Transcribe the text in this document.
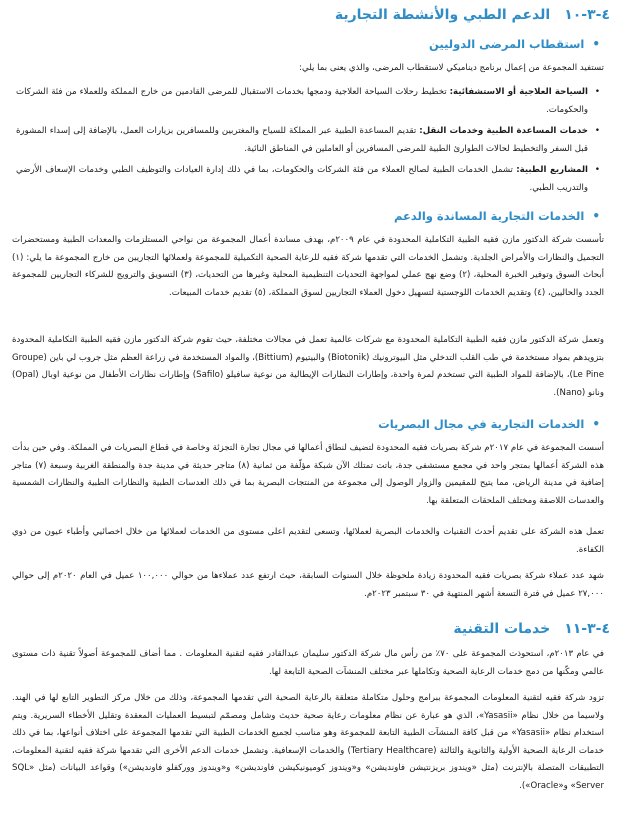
٤-٣-١٠الدعم الطبي والأنشطة التجارية
•استقطاب المرضى الدوليين
تستفيد المجموعة من إعمال برنامج ديناميكي لاستقطاب المرضى، والذي يعنى بما يلي:
•
السياحة العلاجية أو الاستشفائية: تخطيط رحلات السياحة العلاجية ودمجها بخدمات الاستقبال للمرضى القادمين من خارج المملكة وللعملاء من فئة الشركات والحكومات.
•
خدمات المساعدة الطبية وخدمات النقل: تقديم المساعدة الطبية عبر المملكة للسياح والمغتربين وللمسافرين بزيارات العمل، بالإضافة إلى إسداء المشورة قبل السفر والتخطيط لحالات الطوارئ الطبية للمرضى المسافرين أو العاملين في المناطق النائية.
•
المشاريع الطبية: تشمل الخدمات الطبية لصالح العملاء من فئة الشركات والحكومات، بما في ذلك إدارة العيادات والتوظيف الطبي وخدمات الإسعاف الأرضي والتدريب الطبي.
•الخدمات التجارية المساندة والدعم
تأسست شركة الدكتور مازن فقيه الطبية التكاملية المحدودة في عام ٢٠٠٩م، بهدف مساندة أعمال المجموعة من نواحي المستلزمات والمعدات الطبية ومستحضرات التجميل والنظارات والأمراض الجلدية. وتشمل الخدمات التي تقدمها شركة فقيه للرعاية الصحية التكميلية للمجموعة ولعملائها التجاريين من خارج المجموعة ما يلي: (١) أبحاث السوق وتوفير الخبرة المحلية، (٢) وضع نهج عملي لمواجهة التحديات التنظيمية المحلية وغيرها من التحديات، (٣) التسويق والترويج للشركاء التجاريين للمجموعة الجدد والحاليين، (٤) وتقديم الخدمات اللوجستية لتسهيل دخول العملاء التجاريين لسوق المملكة، (٥) تقديم خدمات المبيعات.
وتعمل شركة الدكتور مازن فقيه الطبية التكاملية المحدودة مع شركات عالمية تعمل في مجالات مختلفة، حيث تقوم شركة الدكتور مازن فقيه الطبية التكاملية المحدودة بتزويدهم بمواد مستخدمة في طب القلب التدخلي مثل البيوترونيك (Biotonik) والبيتيوم (Bittium)، والمواد المستخدمة في زراعة العظم مثل جروب لي باين (Groupe Le Pine)، بالإضافة للمواد الطبية التي تستخدم لمرة واحدة، وإطارات النظارات الإيطالية من نوعية سافيلو (Safilo) وإطارات نظارات الأطفال من نوعية اوبال (Opal) ونانو (Nano).
•الخدمات التجارية في مجال البصريات
أسست المجموعة في عام ٢٠١٧م شركة بصريات فقيه المحدودة لتضيف لنطاق أعمالها في مجال تجارة التجزئة وخاصة في قطاع البصريات في المملكة. وفي حين بدأت هذه الشركة أعمالها بمتجر واحد في مجمع مستشفى جدة، باتت تمتلك الآن شبكة مؤلّفة من ثمانية (٨) متاجر حديثة في مدينة جدة والمنطقة الغربية وسبعة (٧) متاجر إضافية في مدينة الرياض، مما يتيح للمقيمين والزوار الوصول إلى مجموعة من المنتجات البصرية بما في ذلك العدسات الطبية والنظارات الطبية والنظارات الشمسية والعدسات اللاصقة ومختلف الملحقات المتعلقة بها.
تعمل هذه الشركة على تقديم أحدث التقنيات والخدمات البصرية لعملائها، وتسعى لتقديم اعلى مستوى من الخدمات لعملائها من خلال اخصائيي وأطباء عيون من ذوي الكفاءة.
شهد عدد عملاء شركة بصريات فقيه المحدودة زيادة ملحوظة خلال السنوات السابقة، حيث ارتفع عدد عملاءها من حوالي ١٠٠,٠٠٠ عميل في العام ٢٠٢٠م إلى حوالي ٢٧,٠٠٠ عميل في فترة التسعة أشهر المنتهية في ٣٠ سبتمبر ٢٠٢٣م.
٤-٣-١١خدمات التقنية
في عام ٢٠١٣م، استحوذت المجموعة على ٧٠٪ من رأس مال شركة الدكتور سليمان عبدالقادر فقيه لتقنية المعلومات . مما أضاف للمجموعة أصولاً تقنية ذات مستوى عالمي ومكّنها من دمج خدمات الرعاية الصحية وتكاملها عبر مختلف المنشآت الصحية التابعة لها.
تزود شركة فقيه لتقنية المعلومات المجموعة ببرامج وحلول متكاملة متعلقة بالرعاية الصحية التي تقدمها المجموعة، وذلك من خلال مركز التطوير التابع لها في الهند. ولاسيما من خلال نظام «Yasasii»، الذي هو عبارة عن نظام معلومات رعاية صحية حديث وشامل ومصمّم لتبسيط العمليات المعقدة وتقليل الأخطاء السريرية. ويتم استخدام نظام «Yasasii» من قبل كافة المنشآت الطبية التابعة للمجموعة وهو مناسب لجميع الخدمات الطبية التي تقدمها المجموعة على اختلاف أنواعها، بما في ذلك خدمات الرعاية الصحية الأولية والثانوية والثالثة (Tertiary Healthcare) والخدمات الإسعافية. وتشمل خدمات الدعم الأخرى التي تقدمها شركة فقيه لتقنية المعلومات، التطبيقات المتصلة بالإنترنت (مثل «ويندوز بريزنتيشن فاونديشن» و«ويندوز كوميونيكيشن فاونديشن» و«ويندوز ووركفلو فاونديشن») وقواعد البيانات (مثل «SQL Server» و«Oracle»).
